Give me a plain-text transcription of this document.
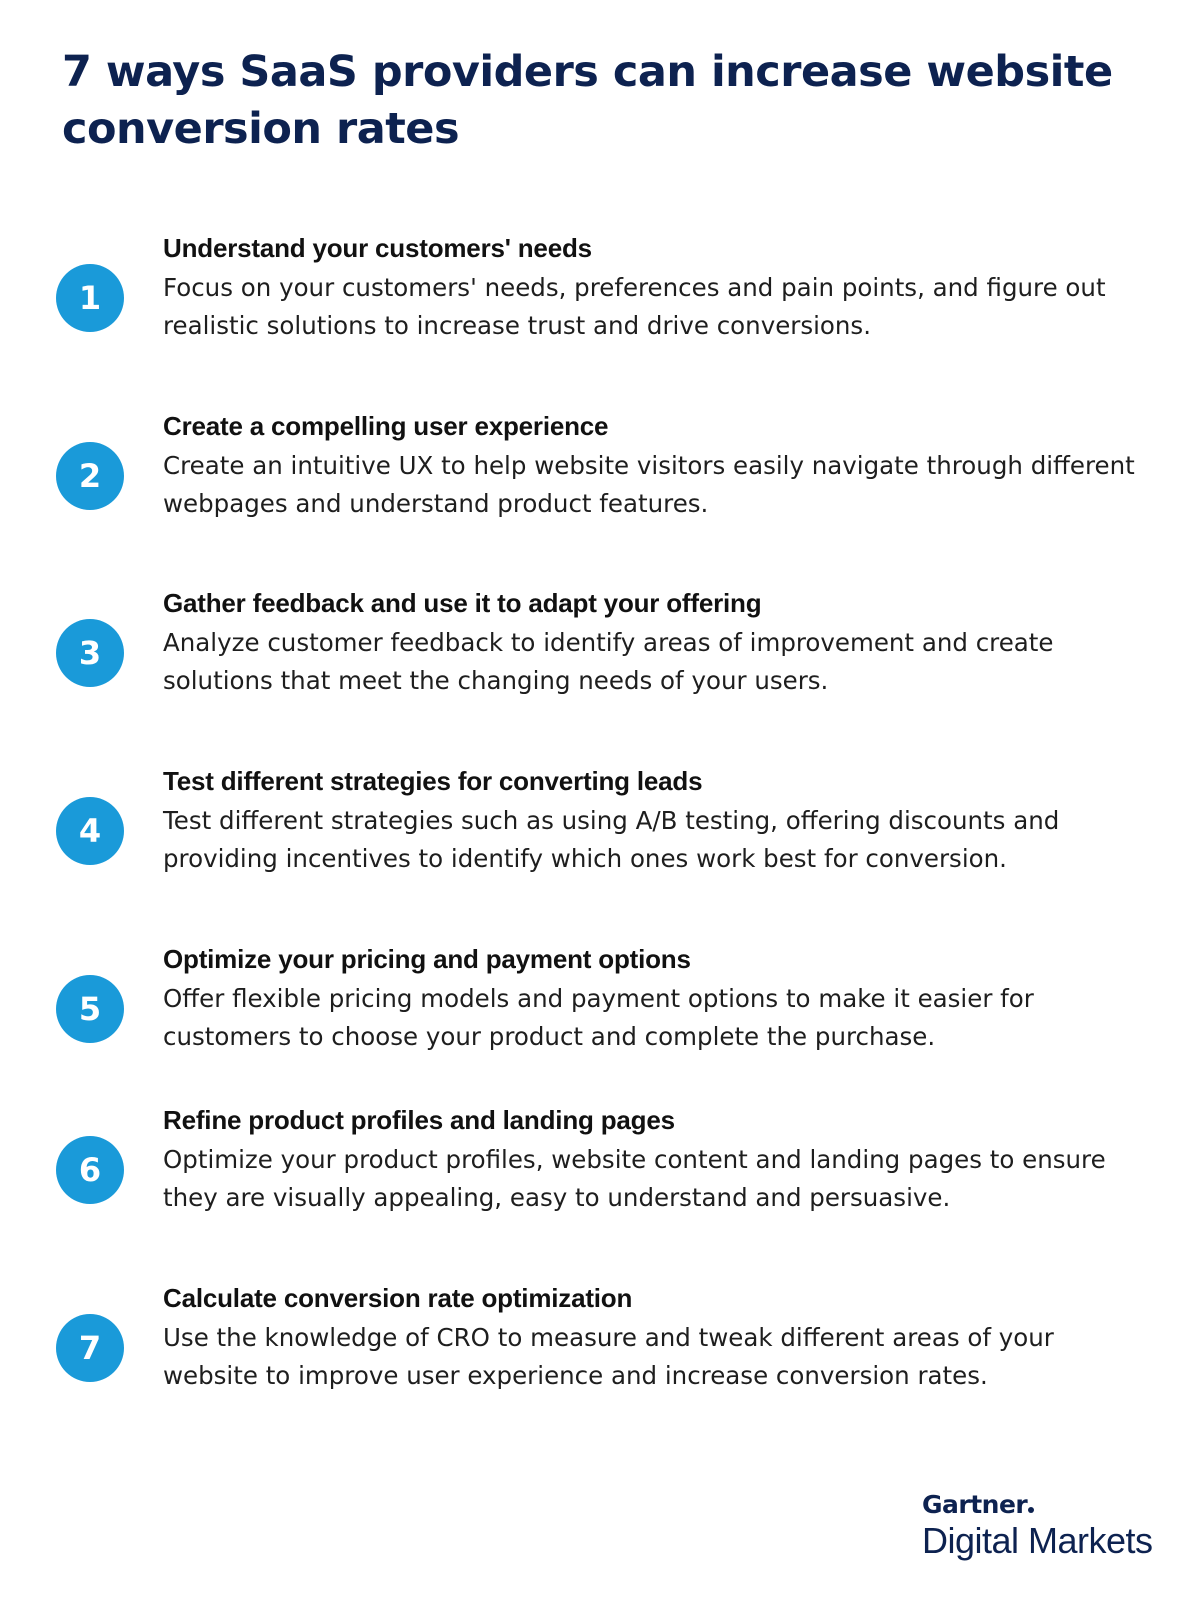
7 ways SaaS providers can increase website conversion rates
1
Understand your customers' needs

Focus on your customers' needs, preferences and pain points, and figure out realistic solutions to increase trust and drive conversions.

2
Create a compelling user experience

Create an intuitive UX to help website visitors easily navigate through different webpages and understand product features.

3
Gather feedback and use it to adapt your offering

Analyze customer feedback to identify areas of improvement and create solutions that meet the changing needs of your users.

4
Test different strategies for converting leads

Test different strategies such as using A/B testing, offering discounts and providing incentives to identify which ones work best for conversion.

5
Optimize your pricing and payment options

Offer flexible pricing models and payment options to make it easier for customers to choose your product and complete the purchase.

6
Refine product profiles and landing pages

Optimize your product profiles, website content and landing pages to ensure they are visually appealing, easy to understand and persuasive.

7
Calculate conversion rate optimization

Use the knowledge of CRO to measure and tweak different areas of your website to improve user experience and increase conversion rates.

Gartner
Digital Markets
